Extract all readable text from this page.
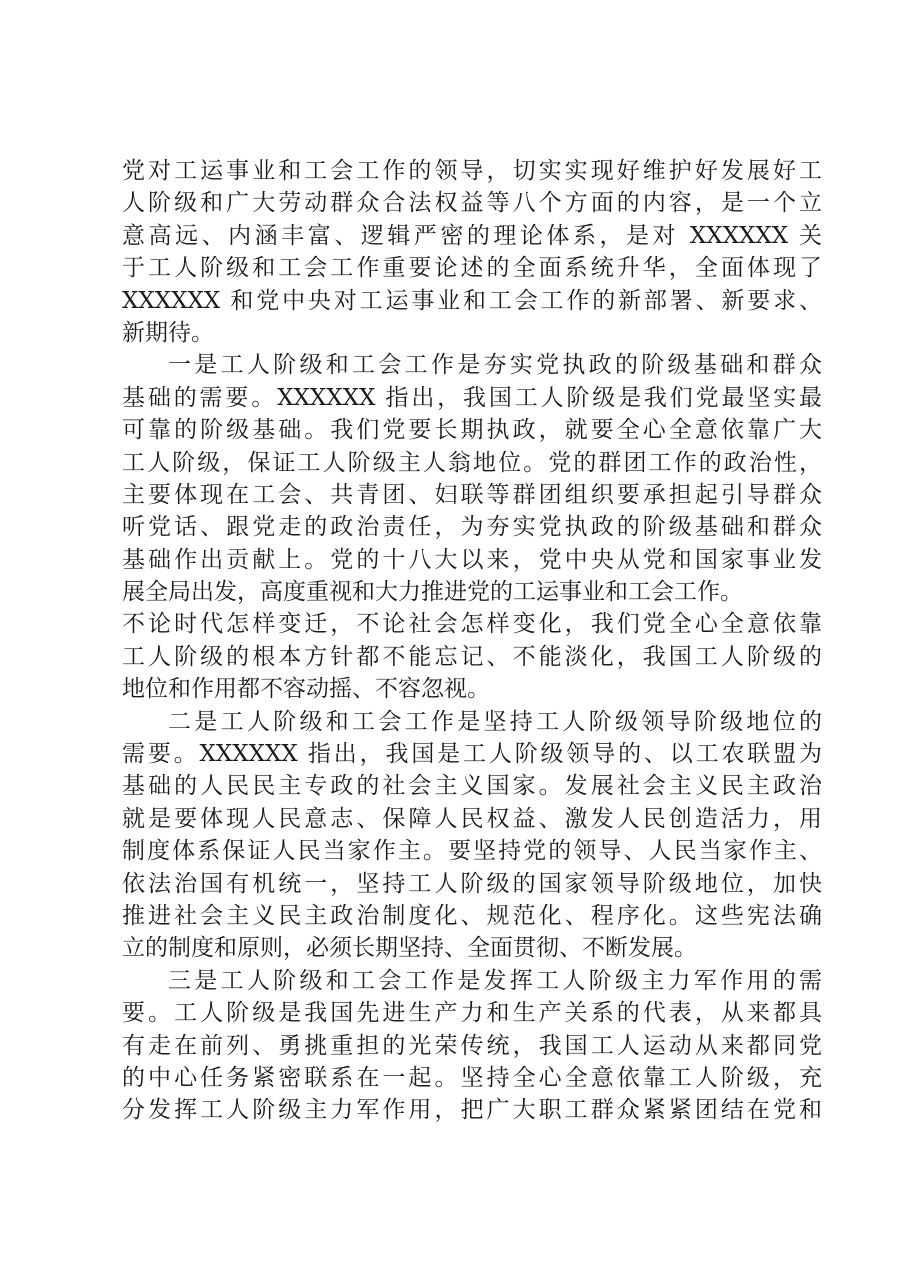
党对工运事业和工会工作的领导，切实实现好维护好发展好工
人阶级和广大劳动群众合法权益等八个方面的内容，是一个立
意高远、内涵丰富、逻辑严密的理论体系，是对 XXXXXX 关
于工人阶级和工会工作重要论述的全面系统升华，全面体现了
XXXXXX 和党中央对工运事业和工会工作的新部署、新要求、
新期待。
一是工人阶级和工会工作是夯实党执政的阶级基础和群众
基础的需要。XXXXXX 指出，我国工人阶级是我们党最坚实最
可靠的阶级基础。我们党要长期执政，就要全心全意依靠广大
工人阶级，保证工人阶级主人翁地位。党的群团工作的政治性，
主要体现在工会、共青团、妇联等群团组织要承担起引导群众
听党话、跟党走的政治责任，为夯实党执政的阶级基础和群众
基础作出贡献上。党的十八大以来，党中央从党和国家事业发
展全局出发，高度重视和大力推进党的工运事业和工会工作。
不论时代怎样变迁，不论社会怎样变化，我们党全心全意依靠
工人阶级的根本方针都不能忘记、不能淡化，我国工人阶级的
地位和作用都不容动摇、不容忽视。
二是工人阶级和工会工作是坚持工人阶级领导阶级地位的
需要。XXXXXX 指出，我国是工人阶级领导的、以工农联盟为
基础的人民民主专政的社会主义国家。发展社会主义民主政治
就是要体现人民意志、保障人民权益、激发人民创造活力，用
制度体系保证人民当家作主。要坚持党的领导、人民当家作主、
依法治国有机统一，坚持工人阶级的国家领导阶级地位，加快
推进社会主义民主政治制度化、规范化、程序化。这些宪法确
立的制度和原则，必须长期坚持、全面贯彻、不断发展。
三是工人阶级和工会工作是发挥工人阶级主力军作用的需
要。工人阶级是我国先进生产力和生产关系的代表，从来都具
有走在前列、勇挑重担的光荣传统，我国工人运动从来都同党
的中心任务紧密联系在一起。坚持全心全意依靠工人阶级，充
分发挥工人阶级主力军作用，把广大职工群众紧紧团结在党和
